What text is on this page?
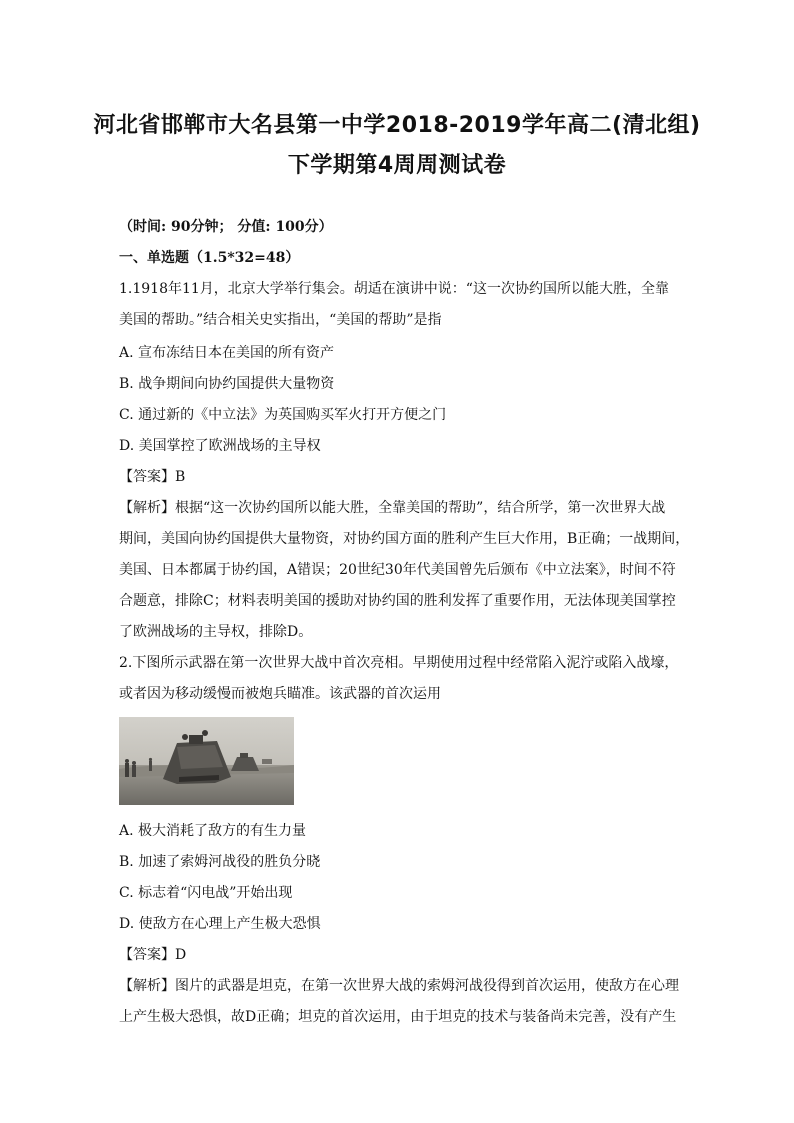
河北省邯郸市大名县第一中学2018-2019学年高二(清北组)
下学期第4周周测试卷
（时间: 90分钟； 分值: 100分）
一、单选题（1.5*32=48）
1.1918年11月，北京大学举行集会。胡适在演讲中说：“这一次协约国所以能大胜，全靠
美国的帮助。”结合相关史实指出，“美国的帮助”是指
A. 宣布冻结日本在美国的所有资产
B. 战争期间向协约国提供大量物资
C. 通过新的《中立法》为英国购买军火打开方便之门
D. 美国掌控了欧洲战场的主导权
【答案】B
【解析】根据“这一次协约国所以能大胜，全靠美国的帮助”，结合所学，第一次世界大战
期间，美国向协约国提供大量物资，对协约国方面的胜利产生巨大作用，B正确；一战期间，
美国、日本都属于协约国，A错误；20世纪30年代美国曾先后颁布《中立法案》，时间不符
合题意，排除C；材料表明美国的援助对协约国的胜利发挥了重要作用，无法体现美国掌控
了欧洲战场的主导权，排除D。
2.下图所示武器在第一次世界大战中首次亮相。早期使用过程中经常陷入泥泞或陷入战壕，
或者因为移动缓慢而被炮兵瞄准。该武器的首次运用
A. 极大消耗了敌方的有生力量
B. 加速了索姆河战役的胜负分晓
C. 标志着“闪电战”开始出现
D. 使敌方在心理上产生极大恐惧
【答案】D
【解析】图片的武器是坦克，在第一次世界大战的索姆河战役得到首次运用，使敌方在心理
上产生极大恐惧，故D正确；坦克的首次运用，由于坦克的技术与装备尚未完善，没有产生
